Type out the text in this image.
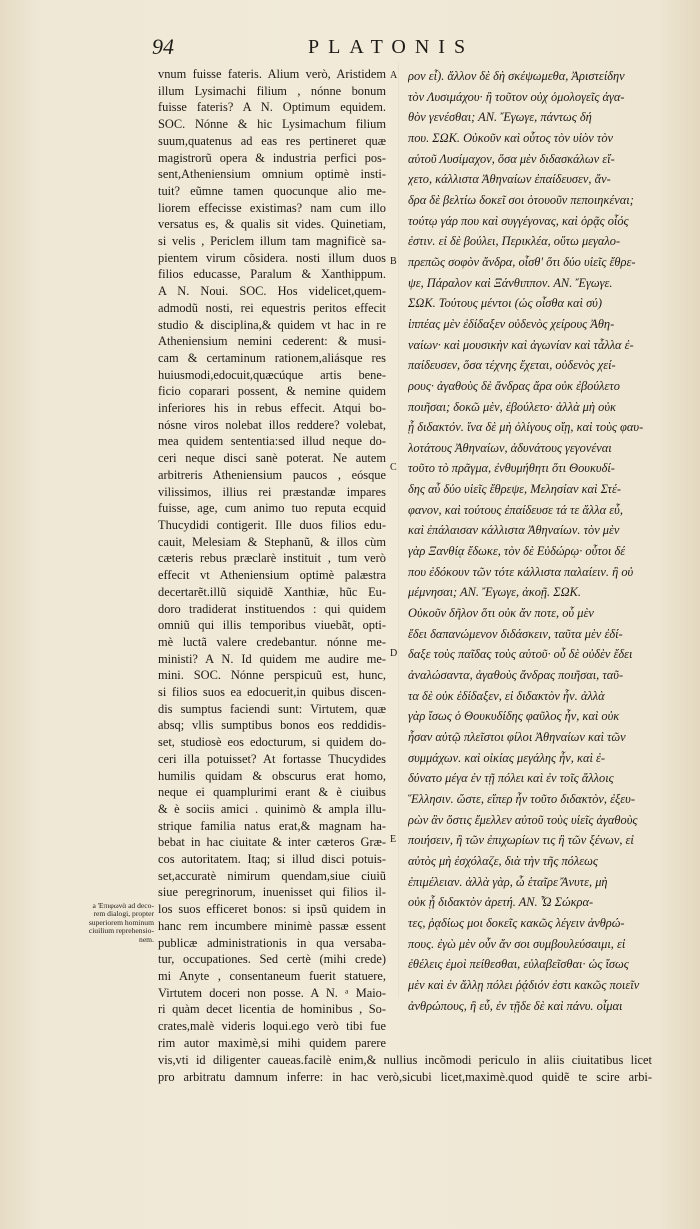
94	PLATONIS
vnum fuisse fateris. Alium verò, Aristidem
illum Lysimachi filium , nónne bonum
fuisse fateris? A N. Optimum equidem.
SOC. Nónne & hic Lysimachum filium
suum,quatenus ad eas res pertineret quæ
magistrorũ opera & industria perfici pos-
sent,Atheniensium omnium optimè insti-
tuit? eũmne tamen quocunque alio me-
liorem effecisse existimas? nam cum illo
versatus es, & qualis sit vides. Quinetiam,
si velis , Periclem illum tam magnificè sa-
pientem virum cõsidera. nosti illum duos
filios educasse, Paralum & Xanthippum.
A N. Noui. SOC. Hos videlicet,quem-
admodũ nosti, rei equestris peritos effecit
studio & disciplina,& quidem vt hac in re
Atheniensium nemini cederent: & musi-
cam & certaminum rationem,aliásque res
huiusmodi,edocuit,quæcúque artis bene-
ficio coparari possent, & nemine quidem
inferiores his in rebus effecit. Atqui bo-
nósne viros nolebat illos reddere? volebat,
mea quidem sententia:sed illud neque do-
ceri neque disci sanè poterat. Ne autem
arbitreris Atheniensium paucos , eósque
vilissimos, illius rei præstandæ impares
fuisse, age, cum animo tuo reputa ecquid
Thucydidi contigerit. Ille duos filios edu-
cauit, Melesiam & Stephanũ, & illos cùm
cæteris rebus præclarè instituit , tum verò
effecit vt Atheniensium optimè palæstra
decertarẽt.illũ siquidẽ Xanthiæ, hũc Eu-
doro tradiderat instituendos : qui quidem
omniũ qui illis temporibus viuebãt, opti-
mè luctã valere credebantur. nónne me-
ministi? A N. Id quidem me audire me-
mini. SOC. Nónne perspicuũ est, hunc,
si filios suos ea edocuerit,in quibus discen-
dis sumptus faciendi sunt: Virtutem, quæ
absq; vllis sumptibus bonos eos reddidis-
set, studiosè eos edocturum, si quidem do-
ceri illa potuisset? At fortasse Thucydides
humilis quidam & obscurus erat homo,
neque ei quamplurimi erant & è ciuibus
& è sociis amici . quinimò & ampla illu-
strique familia natus erat,& magnam ha-
bebat in hac ciuitate & inter cæteros Græ-
cos autoritatem. Itaq; si illud disci potuis-
set,accuratè nimirum quendam,siue ciuiũ
siue peregrinorum, inuenisset qui filios il-
los suos efficeret bonos: si ipsũ quidem in
hanc rem incumbere minimè passæ essent
publicæ administrationis in qua versaba-
tur, occupationes. Sed certè (mihi crede)
mi Anyte , consentaneum fuerit statuere,
Virtutem doceri non posse. A N. ᵃ Maio-
ri quàm decet licentia de hominibus , So-
crates,malè videris loqui.ego verò tibi fue
rim autor maximè,si mihi quidem parere
A
B
C
D
E
ρον εἶ). ἄλλον δὲ δὴ σκέψωμεθα, Ἀριστείδην
τὸν Λυσιμάχου· ἢ τοῦτον οὐχ ὁμολογεῖς ἀγα-
θὸν γενέσθαι; ΑΝ. Ἔγωγε, πάντως δή
που. ΣΩΚ. Οὐκοῦν καὶ οὗτος τὸν υἱὸν τὸν
αὑτοῦ Λυσίμαχον, ὅσα μὲν διδασκάλων εἴ-
χετο, κάλλιστα Ἀθηναίων ἐπαίδευσεν, ἄν-
δρα δὲ βελτίω δοκεῖ σοι ὁτουοῦν πεποιηκέναι;
τούτῳ γάρ που καὶ συγγέγονας, καὶ ὁρᾷς οἷός
ἐστιν. εἰ δὲ βούλει, Περικλέα, οὕτω μεγαλο-
πρεπῶς σοφὸν ἄνδρα, οἶσθ' ὅτι δύο υἱεῖς ἔθρε-
ψε, Πάραλον καὶ Ξάνθιππον. ΑΝ. Ἔγωγε.
ΣΩΚ. Τούτους μέντοι (ὡς οἶσθα καὶ σύ)
ἱππέας μὲν ἐδίδαξεν οὐδενὸς χείρους Ἀθη-
ναίων· καὶ μουσικὴν καὶ ἀγωνίαν καὶ τἆλλα ἐ-
παίδευσεν, ὅσα τέχνης ἔχεται, οὐδενὸς χεί-
ρους· ἀγαθοὺς δὲ ἄνδρας ἄρα οὐκ ἐβούλετο
ποιῆσαι; δοκῶ μὲν, ἐβούλετο· ἀλλὰ μὴ οὐκ
ᾖ διδακτόν. ἵνα δὲ μὴ ὀλίγους οἴῃ, καὶ τοὺς φαυ-
λοτάτους Ἀθηναίων, ἀδυνάτους γεγονέναι
τοῦτο τὸ πρᾶγμα, ἐνθυμήθητι ὅτι Θουκυδί-
δης αὖ δύο υἱεῖς ἔθρεψε, Μελησίαν καὶ Στέ-
φανον, καὶ τούτους ἐπαίδευσε τά τε ἄλλα εὖ,
καὶ ἐπάλαισαν κάλλιστα Ἀθηναίων. τὸν μὲν
γὰρ Ξανθίᾳ ἔδωκε, τὸν δὲ Εὐδώρῳ· οὗτοι δέ
που ἐδόκουν τῶν τότε κάλλιστα παλαίειν. ἢ οὐ
μέμνησαι; ΑΝ. Ἔγωγε, ἀκοῇ. ΣΩΚ.
Οὐκοῦν δῆλον ὅτι οὐκ ἄν ποτε, οὗ μὲν
ἔδει δαπανώμενον διδάσκειν, ταῦτα μὲν ἐδί-
δαξε τοὺς παῖδας τοὺς αὑτοῦ· οὗ δὲ οὐδὲν ἔδει
ἀναλώσαντα, ἀγαθοὺς ἄνδρας ποιῆσαι, ταῦ-
τα δὲ οὐκ ἐδίδαξεν, εἰ διδακτὸν ἦν. ἀλλὰ
γὰρ ἴσως ὁ Θουκυδίδης φαῦλος ἦν, καὶ οὐκ
ἦσαν αὐτῷ πλεῖστοι φίλοι Ἀθηναίων καὶ τῶν
συμμάχων. καὶ οἰκίας μεγάλης ἦν, καὶ ἐ-
δύνατο μέγα ἐν τῇ πόλει καὶ ἐν τοῖς ἄλλοις
Ἕλλησιν. ὥστε, εἴπερ ἦν τοῦτο διδακτὸν, ἐξευ-
ρὼν ἂν ὅστις ἔμελλεν αὐτοῦ τοὺς υἱεῖς ἀγαθοὺς
ποιήσειν, ἢ τῶν ἐπιχωρίων τις ἢ τῶν ξένων, εἰ
αὐτὸς μὴ ἐσχόλαζε, διὰ τὴν τῆς πόλεως
ἐπιμέλειαν. ἀλλὰ γὰρ, ὦ ἑταῖρε Ἄνυτε, μὴ
οὐκ ᾖ διδακτὸν ἀρετή. ΑΝ. Ὦ Σώκρα-
τες, ῥᾳδίως μοι δοκεῖς κακῶς λέγειν ἀνθρώ-
πους. ἐγὼ μὲν οὖν ἄν σοι συμβουλεύσαιμι, εἰ
ἐθέλεις ἐμοὶ πείθεσθαι, εὐλαβεῖσθαι· ὡς ἴσως
μὲν καὶ ἐν ἄλλῃ πόλει ῥᾴδιόν ἐστι κακῶς ποιεῖν
ἀνθρώπους, ἢ εὖ, ἐν τῇδε δὲ καὶ πάνυ. οἶμαι
a Ἐπιφωνὰ ad deco-
rem dialogi, propter
superiorem hominum
ciuilium reprehensio-
nem.
vis,vti id diligenter caueas.facilè enim,& nullius incõmodi periculo in aliis ciuitatibus licet
pro arbitratu damnum inferre: in hac verò,sicubi licet,maximè.quod quidẽ te scire arbi-
